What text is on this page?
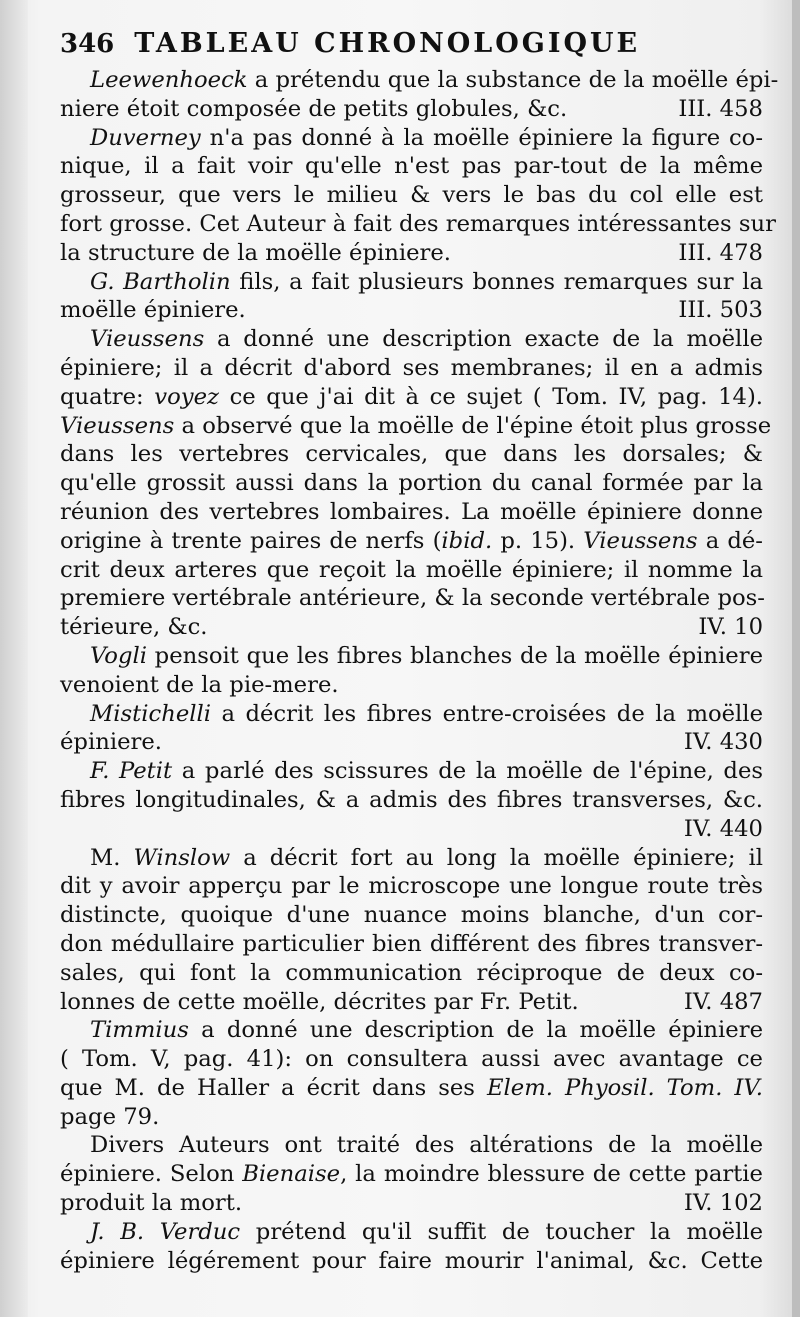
346 TABLEAU CHRONOLOGIQUE
Leewenhoeck a prétendu que la substance de la moëlle épi-
niere étoit composée de petits globules, &c.	III. 458
Duverney n'a pas donné à la moëlle épiniere la figure co-
nique, il a fait voir qu'elle n'est pas par-tout de la même
grosseur, que vers le milieu & vers le bas du col elle est
fort grosse. Cet Auteur à fait des remarques intéressantes sur
la structure de la moëlle épiniere.	III. 478
G. Bartholin fils, a fait plusieurs bonnes remarques sur la
moëlle épiniere.	III. 503
Vieussens a donné une description exacte de la moëlle
épiniere; il a décrit d'abord ses membranes; il en a admis
quatre: voyez ce que j'ai dit à ce sujet ( Tom. IV, pag. 14).
Vieussens a observé que la moëlle de l'épine étoit plus grosse
dans les vertebres cervicales, que dans les dorsales; &
qu'elle grossit aussi dans la portion du canal formée par la
réunion des vertebres lombaires. La moëlle épiniere donne
origine à trente paires de nerfs (ibid. p. 15). Vieussens a dé-
crit deux arteres que reçoit la moëlle épiniere; il nomme la
premiere vertébrale antérieure, & la seconde vertébrale pos-
térieure, &c.	IV. 10
Vogli pensoit que les fibres blanches de la moëlle épiniere
venoient de la pie-mere.
Mistichelli a décrit les fibres entre-croisées de la moëlle
épiniere.	IV. 430
F. Petit a parlé des scissures de la moëlle de l'épine, des
fibres longitudinales, & a admis des fibres transverses, &c.
IV. 440
M. Winslow a décrit fort au long la moëlle épiniere; il
dit y avoir apperçu par le microscope une longue route très
distincte, quoique d'une nuance moins blanche, d'un cor-
don médullaire particulier bien différent des fibres transver-
sales, qui font la communication réciproque de deux co-
lonnes de cette moëlle, décrites par Fr. Petit.	IV. 487
Timmius a donné une description de la moëlle épiniere
( Tom. V, pag. 41): on consultera aussi avec avantage ce
que M. de Haller a écrit dans ses Elem. Phyosil. Tom. IV.
page 79.
Divers Auteurs ont traité des altérations de la moëlle
épiniere. Selon Bienaise, la moindre blessure de cette partie
produit la mort.	IV. 102
J. B. Verduc prétend qu'il suffit de toucher la moëlle
épiniere légérement pour faire mourir l'animal, &c. Cette
